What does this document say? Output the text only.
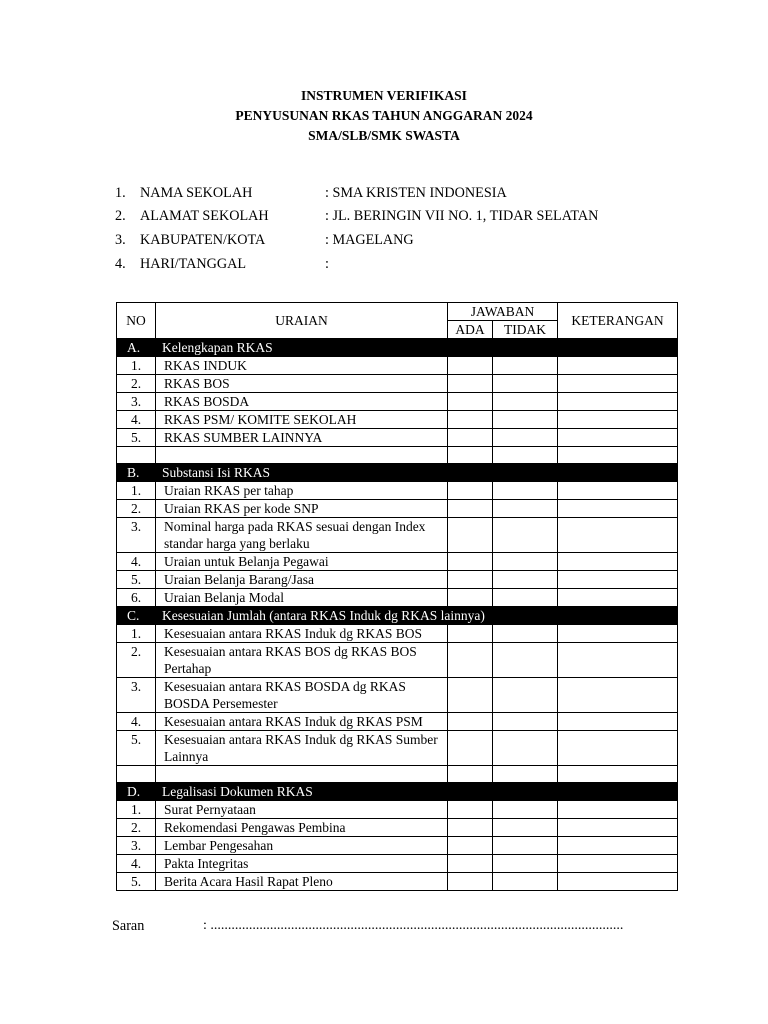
INSTRUMEN VERIFIKASI
PENYUSUNAN RKAS TAHUN ANGGARAN 2024
SMA/SLB/SMK SWASTA
1.	NAMA SEKOLAH	: SMA KRISTEN INDONESIA
2.	ALAMAT SEKOLAH	: JL. BERINGIN VII NO. 1, TIDAR SELATAN
3.	KABUPATEN/KOTA	: MAGELANG
4.	HARI/TANGGAL	:
NO	URAIAN	JAWABAN		KETERANGAN
		ADA	TIDAK	
A.	Kelengkapan RKAS			

1.	RKAS INDUK			
2.	RKAS BOS			
3.	RKAS BOSDA			
4.	RKAS PSM/ KOMITE SEKOLAH			
5.	RKAS SUMBER LAINNYA			

B.	Substansi Isi RKAS			

1.	Uraian RKAS per tahap			
2.	Uraian RKAS per kode SNP			
3.	Nominal harga pada RKAS sesuai dengan Index standar harga yang berlaku			
4.	Uraian untuk Belanja Pegawai			
5.	Uraian Belanja Barang/Jasa			
6.	Uraian Belanja Modal			
C.	Kesesuaian Jumlah (antara RKAS Induk dg RKAS lainnya)			

1.	Kesesuaian antara RKAS Induk dg RKAS BOS			
2.	Kesesuaian antara RKAS BOS dg RKAS BOS Pertahap			
3.	Kesesuaian antara RKAS BOSDA dg RKAS BOSDA Persemester			
4.	Kesesuaian antara RKAS Induk dg RKAS PSM			
5.	Kesesuaian antara RKAS Induk dg RKAS Sumber Lainnya			

D.	Legalisasi Dokumen RKAS			

1.	Surat Pernyataan			
2.	Rekomendasi Pengawas Pembina			
3.	Lembar Pengesahan			
4.	Pakta Integritas			
5.	Berita Acara Hasil Rapat Pleno			
Saran	: ......................................................................................................................
